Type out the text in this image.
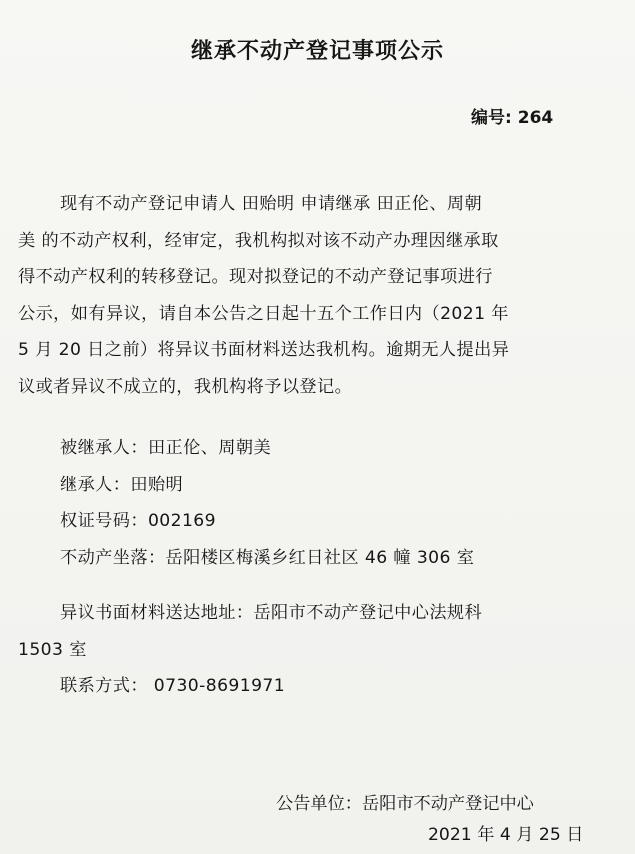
继承不动产登记事项公示
编号: 264
现有不动产登记申请人 田贻明 申请继承 田正伦、周朝
美 的不动产权利，经审定，我机构拟对该不动产办理因继承取
得不动产权利的转移登记。现对拟登记的不动产登记事项进行
公示，如有异议，请自本公告之日起十五个工作日内（2021 年
5 月 20 日之前）将异议书面材料送达我机构。逾期无人提出异
议或者异议不成立的，我机构将予以登记。
被继承人：田正伦、周朝美
继承人：田贻明
权证号码：002169
不动产坐落：岳阳楼区梅溪乡红日社区 46 幢 306 室
异议书面材料送达地址：岳阳市不动产登记中心法规科
1503 室
联系方式： 0730-8691971
公告单位：岳阳市不动产登记中心
2021 年 4 月 25 日
